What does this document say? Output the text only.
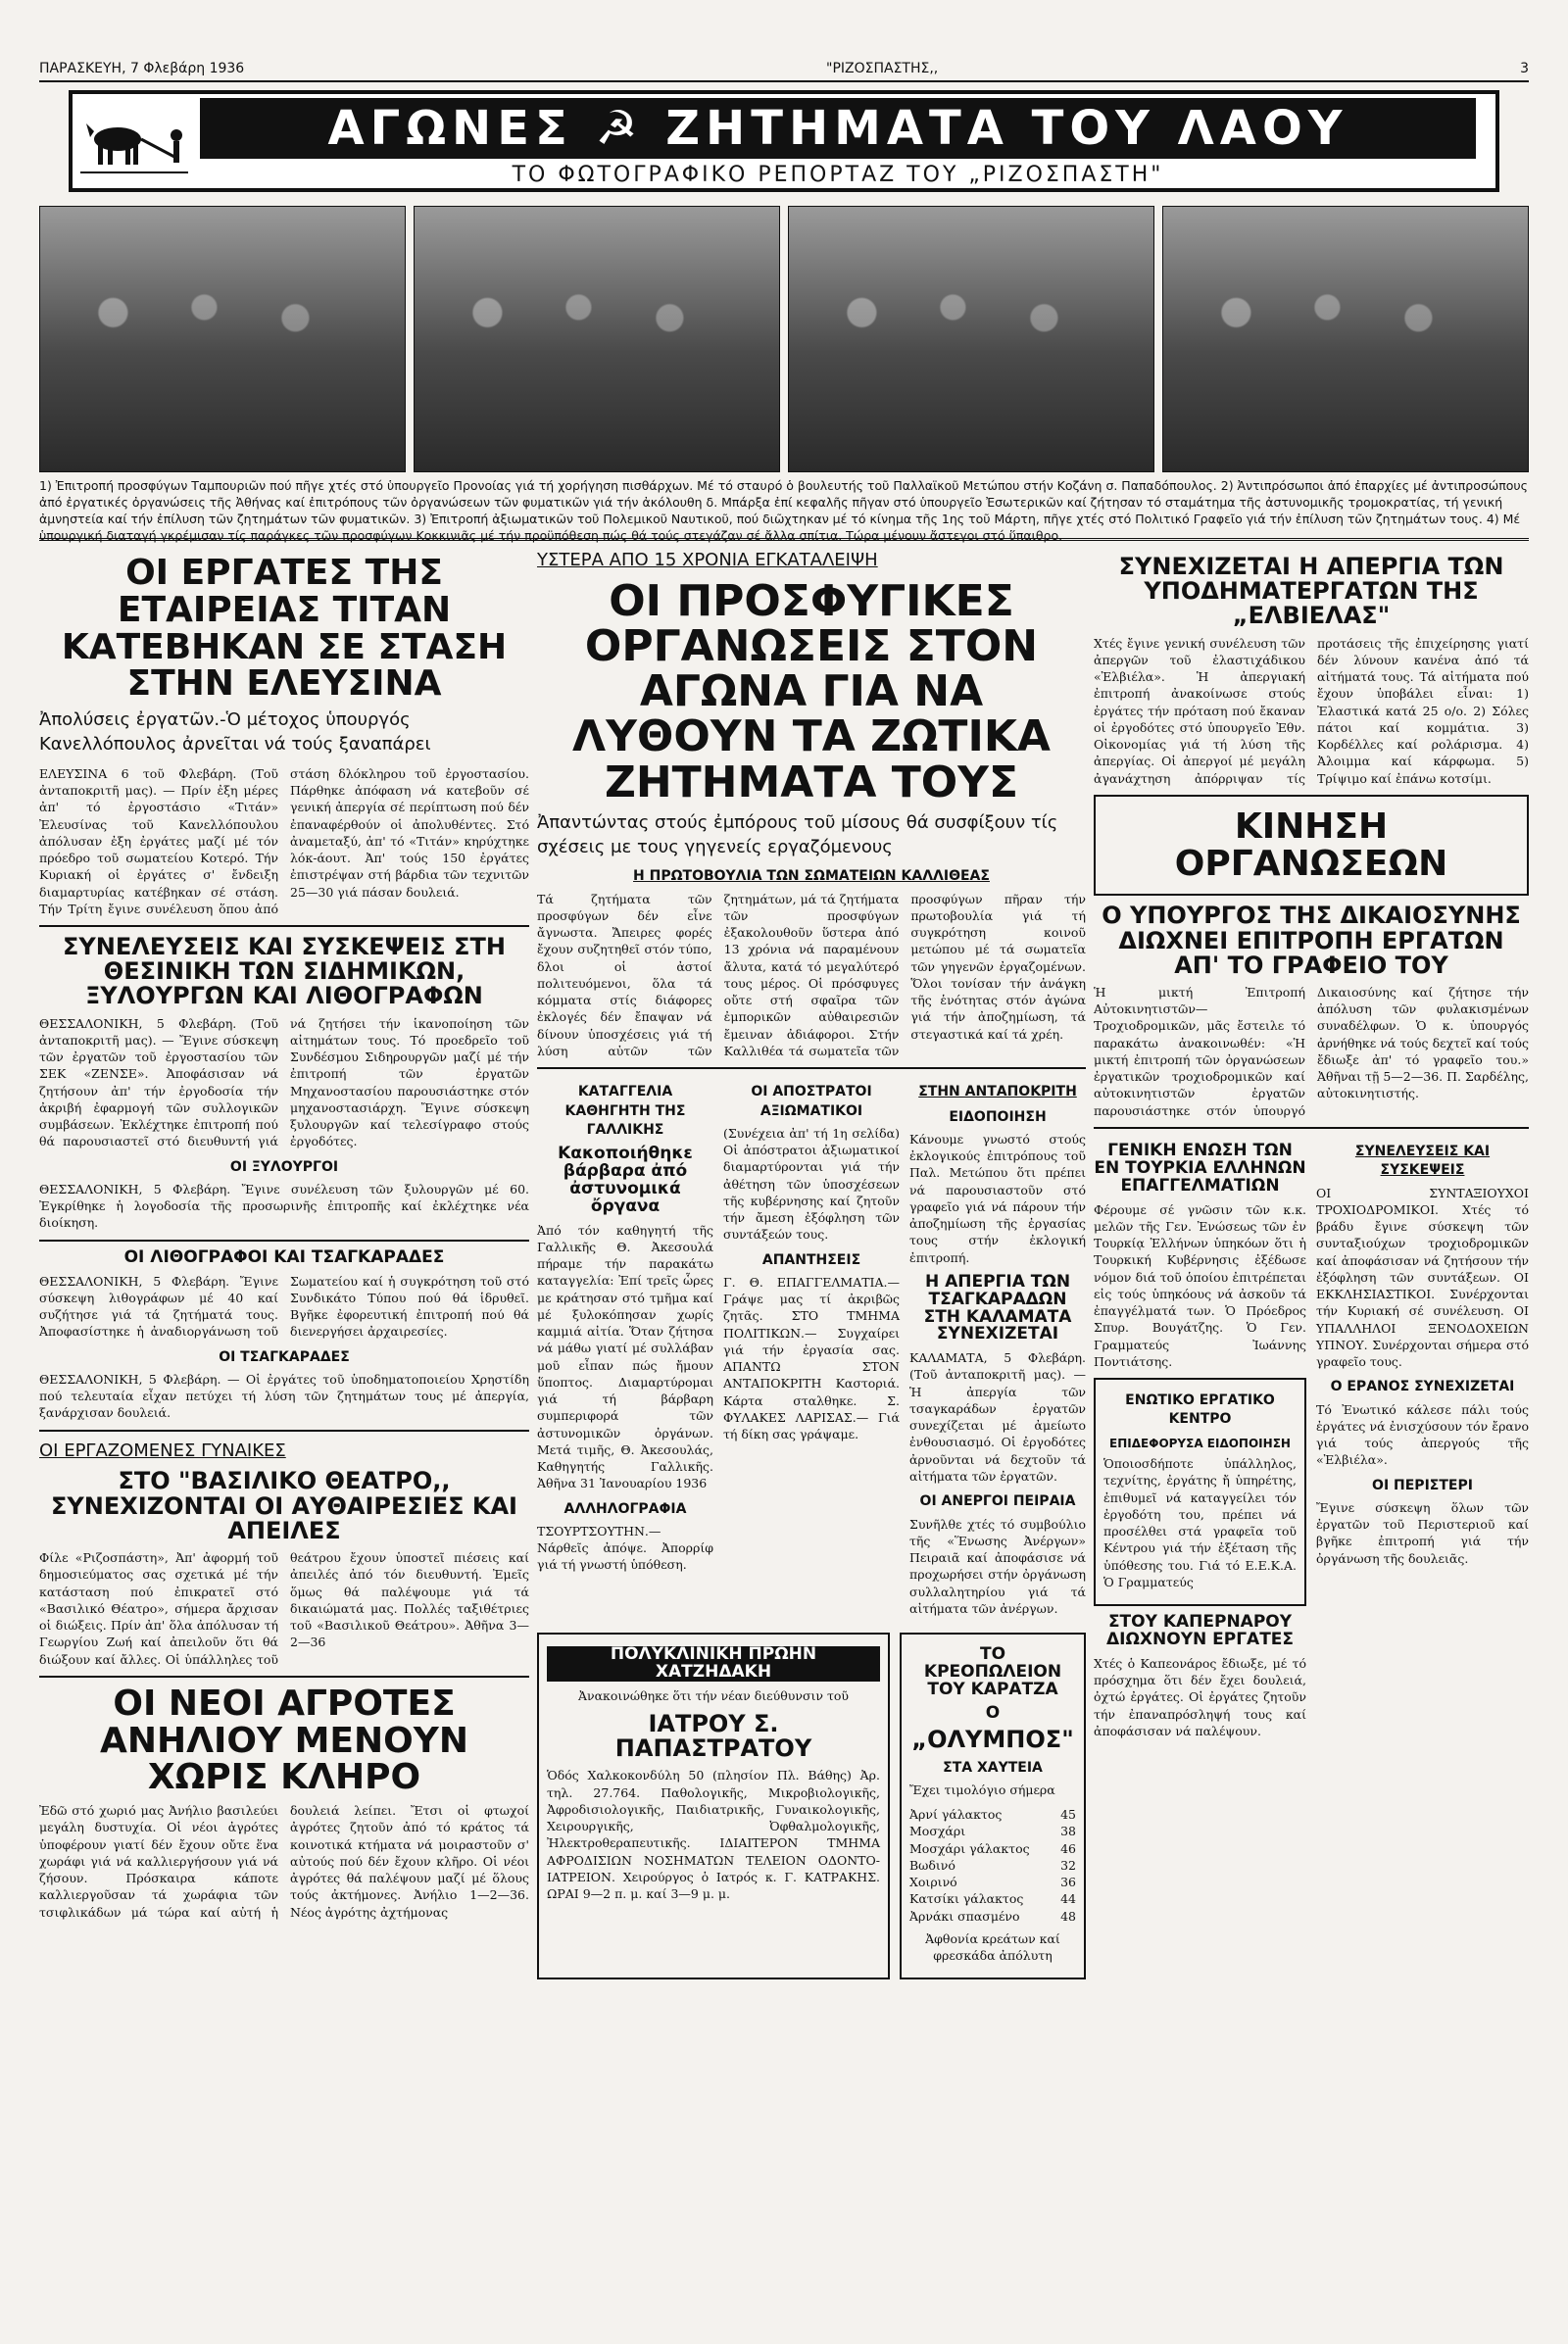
ΠΑΡΑΣΚΕΥΗ, 7 Φλεβάρη 1936	"ΡΙΖΟΣΠΑΣΤΗΣ,,	3
ΑΓΩΝΕΣ ☭ ΖΗΤΗΜΑΤΑ ΤΟΥ ΛΑΟΥ
ΤΟ ΦΩΤΟΓΡΑΦΙΚΟ ΡΕΠΟΡΤΑΖ ΤΟΥ „ΡΙΖΟΣΠΑΣΤΗ"
1) Ἐπιτροπή προσφύγων Ταμπουριῶν πού πῆγε χτές στό ὑπουργεῖο Προνοίας γιά τή χορήγηση πισθάρχων. Μέ τό σταυρό ὁ βουλευτής τοῦ Παλλαϊκοῦ Μετώπου στήν Κοζάνη σ. Παπαδόπουλος. 2) Ἀντιπρόσωποι ἀπό ἐπαρχίες μέ ἀντιπροσώπους ἀπό ἐργατικές ὀργανώσεις τῆς Ἀθήνας καί ἐπιτρόπους τῶν ὀργανώσεων τῶν φυματικῶν γιά τήν ἀκόλουθη δ. Μπάρξα ἐπί κεφαλῆς πῆγαν στό ὑπουργεῖο Ἐσωτερικῶν καί ζήτησαν τό σταμάτημα τῆς ἀστυνομικῆς τρομοκρατίας, τή γενική ἀμνηστεία καί τήν ἐπίλυση τῶν ζητημάτων τῶν φυματικῶν. 3) Ἐπιτροπή ἀξιωματικῶν τοῦ Πολεμικοῦ Ναυτικοῦ, πού διῶχτηκαν μέ τό κίνημα τῆς 1ης τοῦ Μάρτη, πῆγε χτές στό Πολιτικό Γραφεῖο γιά τήν ἐπίλυση τῶν ζητημάτων τους. 4) Μέ ὑπουργική διαταγή γκρέμισαν τίς παράγκες τῶν προσφύγων Κοκκινιᾶς μέ τήν προϋπόθεση πώς θά τούς στεγάζαν σέ ἄλλα σπίτια. Τώρα μένουν ἄστεγοι στό ὕπαιθρο.
ΟΙ ΕΡΓΑΤΕΣ ΤΗΣ ΕΤΑΙΡΕΙΑΣ ΤΙΤΑΝ ΚΑΤΕΒΗΚΑΝ ΣΕ ΣΤΑΣΗ ΣΤΗΝ ΕΛΕΥΣΙΝΑ
Ἀπολύσεις ἐργατῶν.-Ὁ μέτοχος ὑπουργός Κανελλόπουλος ἀρνεῖται νά τούς ξαναπάρει
ΕΛΕΥΣΙΝΑ 6 τοῦ Φλεβάρη. (Τοῦ ἀνταποκριτῆ μας). — Πρίν ἐξη μέρες ἀπ' τό ἐργοστάσιο «Τιτάν» Ἐλευσίνας τοῦ Κανελλόπουλου ἀπόλυσαν ἐξη ἐργάτες μαζί μέ τόν πρόεδρο τοῦ σωματείου Κοτερό. Τήν Κυριακή οἱ ἐργάτες σ' ἔνδειξη διαμαρτυρίας κατέβηκαν σέ στάση. Τήν Τρίτη ἔγινε συνέλευση ὅπου ἀπό στάση δλόκληρου τοῦ ἐργοστασίου. Πάρθηκε ἀπόφαση νά κατεβοῦν σέ γενική ἀπεργία σέ περίπτωση πού δέν ἐπαναφέρθούν οἱ ἀπολυθέντες. Στό ἀναμεταξύ, ἀπ' τό «Τιτάν» κηρύχτηκε λόκ-άουτ. Ἀπ' τούς 150 ἐργάτες ἐπιστρέψαν στή βάρδια τῶν τεχνιτῶν 25—30 γιά πάσαν δουλειά.
ΣΥΝΕΛΕΥΣΕΙΣ ΚΑΙ ΣΥΣΚΕΨΕΙΣ ΣΤΗ ΘΕΣΙΝΙΚΗ ΤΩΝ ΣΙΔΗΜΙΚΩΝ, ΞΥΛΟΥΡΓΩΝ ΚΑΙ ΛΙΘΟΓΡΑΦΩΝ
ΘΕΣΣΑΛΟΝΙΚΗ, 5 Φλεβάρη. (Τοῦ ἀνταποκριτῆ μας). — Ἔγινε σύσκεψη τῶν ἐργατῶν τοῦ ἐργοστασίου τῶν ΣΕΚ «ΖΕΝΣΕ». Ἀποφάσισαν νά ζητήσουν ἀπ' τήν ἐργοδοσία τήν ἀκριβή ἐφαρμογή τῶν συλλογικῶν συμβάσεων. Ἐκλέχτηκε ἐπιτροπή πού θά παρουσιαστεῖ στό διευθυντή γιά νά ζητήσει τήν ἱκανοποίηση τῶν αἰτημάτων τους. Τό προεδρεῖο τοῦ Συνδέσμου Σιδηρουργῶν μαζί μέ τήν ἐπιτροπή τῶν ἐργατῶν Μηχανοστασίου παρουσιάστηκε στόν μηχανοστασιάρχη. Ἔγινε σύσκεψη ξυλουργῶν καί τελεσίγραφο στούς ἐργοδότες.
ΟΙ ΞΥΛΟΥΡΓΟΙ
ΘΕΣΣΑΛΟΝΙΚΗ, 5 Φλεβάρη. Ἔγινε συνέλευση τῶν ξυλουργῶν μέ 60. Ἐγκρίθηκε ἡ λογοδοσία τῆς προσωρινῆς ἐπιτροπῆς καί ἐκλέχτηκε νέα διοίκηση.
ΟΙ ΛΙΘΟΓΡΑΦΟΙ ΚΑΙ ΤΣΑΓΚΑΡΑΔΕΣ
ΘΕΣΣΑΛΟΝΙΚΗ, 5 Φλεβάρη. Ἔγινε σύσκεψη λιθογράφων μέ 40 καί συζήτησε γιά τά ζητήματά τους. Ἀποφασίστηκε ἡ ἀναδιοργάνωση τοῦ Σωματείου καί ἡ συγκρότηση τοῦ στό Συνδικάτο Τύπου πού θά ἱδρυθεῖ. Βγῆκε ἐφορευτική ἐπιτροπή πού θά διενεργήσει ἀρχαιρεσίες.
ΟΙ ΤΣΑΓΚΑΡΑΔΕΣ
ΘΕΣΣΑΛΟΝΙΚΗ, 5 Φλεβάρη. — Οἱ ἐργάτες τοῦ ὑποδηματοποιείου Χρηστίδη πού τελευταία εἶχαν πετύχει τή λύση τῶν ζητημάτων τους μέ ἀπεργία, ξανάρχισαν δουλειά.
ΟΙ ΕΡΓΑΖΟΜΕΝΕΣ ΓΥΝΑΙΚΕΣ
ΣΤΟ "ΒΑΣΙΛΙΚΟ ΘΕΑΤΡΟ,, ΣΥΝΕΧΙΖΟΝΤΑΙ ΟΙ ΑΥΘΑΙΡΕΣΙΕΣ ΚΑΙ ΑΠΕΙΛΕΣ
Φίλε «Ριζοσπάστη», Ἀπ' ἀφορμή τοῦ δημοσιεύματος σας σχετικά μέ τήν κατάσταση πού ἐπικρατεῖ στό «Βασιλικό Θέατρο», σήμερα ἄρχισαν οἱ διώξεις. Πρίν ἀπ' ὅλα ἀπόλυσαν τή Γεωργίου Ζωή καί ἀπειλοῦν ὅτι θά διώξουν καί ἄλλες. Οἱ ὑπάλληλες τοῦ θεάτρου ἔχουν ὑποστεῖ πιέσεις καί ἀπειλές ἀπό τόν διευθυντή. Ἐμεῖς ὅμως θά παλέψουμε γιά τά δικαιώματά μας. Πολλές ταξιθέτριες τοῦ «Βασιλικοῦ Θεάτρου». Ἀθῆνα 3—2—36
ΟΙ ΝΕΟΙ ΑΓΡΟΤΕΣ ΑΝΗΛΙΟΥ ΜΕΝΟΥΝ ΧΩΡΙΣ ΚΛΗΡΟ
Ἐδῶ στό χωριό μας Ἀνήλιο βασιλεύει μεγάλη δυστυχία. Οἱ νέοι ἀγρότες ὑποφέρουν γιατί δέν ἔχουν οὔτε ἕνα χωράφι γιά νά καλλιεργήσουν γιά νά ζήσουν. Πρόσκαιρα κάποτε καλλιεργοῦσαν τά χωράφια τῶν τσιφλικάδων μά τώρα καί αὐτή ἡ δουλειά λείπει. Ἔτσι οἱ φτωχοί ἀγρότες ζητοῦν ἀπό τό κράτος τά κοινοτικά κτήματα νά μοιραστοῦν σ' αὐτούς πού δέν ἔχουν κλῆρο. Οἱ νέοι ἀγρότες θά παλέψουν μαζί μέ ὅλους τούς ἀκτήμονες. Ἀνήλιο 1—2—36. Νέος ἀγρότης ἀχτήμονας
ΥΣΤΕΡΑ ΑΠΟ 15 ΧΡΟΝΙΑ ΕΓΚΑΤΑΛΕΙΨΗ
ΟΙ ΠΡΟΣΦΥΓΙΚΕΣ ΟΡΓΑΝΩΣΕΙΣ ΣΤΟΝ ΑΓΩΝΑ ΓΙΑ ΝΑ ΛΥΘΟΥΝ ΤΑ ΖΩΤΙΚΑ ΖΗΤΗΜΑΤΑ ΤΟΥΣ
Ἀπαντώντας στούς ἐμπόρους τοῦ μίσους θά συσφίξουν τίς σχέσεις με τους γηγενείς εργαζόμενους
Η ΠΡΩΤΟΒΟΥΛΙΑ ΤΩΝ ΣΩΜΑΤΕΙΩΝ ΚΑΛΛΙΘΕΑΣ
Τά ζητήματα τῶν προσφύγων δέν εἶνε ἄγνωστα. Ἄπειρες φορές ἔχουν συζητηθεῖ στόν τύπο, δλοι οἱ ἀστοί πολιτευόμενοι, ὅλα τά κόμματα στίς διάφορες ἐκλογές δέν ἔπαψαν νά δίνουν ὑποσχέσεις γιά τή λύση αὐτῶν τῶν ζητημάτων, μά τά ζητήματα τῶν προσφύγων ἐξακολουθοῦν ὕστερα ἀπό 13 χρόνια νά παραμένουν ἄλυτα, κατά τό μεγαλύτερό τους μέρος. Οἱ πρόσφυγες οὔτε στή σφαῖρα τῶν ἐμπορικῶν αὐθαιρεσιῶν ἔμειναν ἀδιάφοροι. Στήν Καλλιθέα τά σωματεῖα τῶν προσφύγων πῆραν τήν πρωτοβουλία γιά τή συγκρότηση κοινοῦ μετώπου μέ τά σωματεῖα τῶν γηγενῶν ἐργαζομένων. Ὅλοι τονίσαν τήν ἀνάγκη τῆς ἑνότητας στόν ἀγώνα γιά τήν ἀποζημίωση, τά στεγαστικά καί τά χρέη.
ΚΑΤΑΓΓΕΛΙΑ ΚΑΘΗΓΗΤΗ ΤΗΣ ΓΑΛΛΙΚΗΣ
Κακοποιήθηκε βάρβαρα ἀπό ἀστυνομικά ὄργανα
Ἀπό τόν καθηγητή τῆς Γαλλικῆς Θ. Ἀκεσουλά πήραμε τήν παρακάτω καταγγελία: Ἐπί τρεῖς ὧρες με κράτησαν στό τμῆμα καί μέ ξυλοκόπησαν χωρίς καμμιά αἰτία. Ὅταν ζήτησα νά μάθω γιατί μέ συλλάβαν μοῦ εἶπαν πώς ἤμουν ὕποπτος. Διαμαρτύρομαι γιά τή βάρβαρη συμπεριφορά τῶν ἀστυνομικῶν ὀργάνων. Μετά τιμῆς, Θ. Ἀκεσουλάς, Καθηγητής Γαλλικῆς. Ἀθῆνα 31 Ἰανουαρίου 1936
ΑΛΛΗΛΟΓΡΑΦΙΑ
ΤΣΟΥΡΤΣΟΥΤΗΝ.— Νάρθεῖς ἀπόψε. Ἀπορρίφ γιά τή γνωστή ὑπόθεση.
ΟΙ ΑΠΟΣΤΡΑΤΟΙ ΑΞΙΩΜΑΤΙΚΟΙ
(Συνέχεια ἀπ' τή 1η σελίδα) Οἱ ἀπόστρατοι ἀξιωματικοί διαμαρτύρονται γιά τήν ἀθέτηση τῶν ὑποσχέσεων τῆς κυβέρνησης καί ζητοῦν τήν ἄμεση ἐξόφληση τῶν συντάξεών τους.
ΑΠΑΝΤΗΣΕΙΣ
Γ. Θ. ΕΠΑΓΓΕΛΜΑΤΙΑ.— Γράψε μας τί ἀκριβῶς ζητᾶς. ΣΤΟ ΤΜΗΜΑ ΠΟΛΙΤΙΚΩΝ.— Συγχαίρει γιά τήν ἐργασία σας. ΑΠΑΝΤΩ ΣΤΟΝ ΑΝΤΑΠΟΚΡΙΤΗ Καστοριά. Κάρτα σταλθηκε. Σ. ΦΥΛΑΚΕΣ ΛΑΡΙΣΑΣ.— Γιά τή δίκη σας γράψαμε.
ΣΤΗΝ ΑΝΤΑΠΟΚΡΙΤΗ
ΕΙΔΟΠΟΙΗΣΗ
Κάνουμε γνωστό στούς ἐκλογικούς ἐπιτρόπους τοῦ Παλ. Μετώπου ὅτι πρέπει νά παρουσιαστοῦν στό γραφεῖο γιά νά πάρουν τήν ἀποζημίωση τῆς ἐργασίας τους στήν ἐκλογική ἐπιτροπή.
Η ΑΠΕΡΓΙΑ ΤΩΝ ΤΣΑΓΚΑΡΑΔΩΝ ΣΤΗ ΚΑΛΑΜΑΤΑ ΣΥΝΕΧΙΖΕΤΑΙ
ΚΑΛΑΜΑΤΑ, 5 Φλεβάρη. (Τοῦ ἀνταποκριτῆ μας). — Ἡ ἀπεργία τῶν τσαγκαράδων ἐργατῶν συνεχίζεται μέ ἀμείωτο ἐνθουσιασμό. Οἱ ἐργοδότες ἀρνοῦνται νά δεχτοῦν τά αἰτήματα τῶν ἐργατῶν.
ΟΙ ΑΝΕΡΓΟΙ ΠΕΙΡΑΙΑ
Συνῆλθε χτές τό συμβούλιο τῆς «Ἕνωσης Ἀνέργων» Πειραιᾶ καί ἀποφάσισε νά προχωρήσει στήν ὀργάνωση συλλαλητηρίου γιά τά αἰτήματα τῶν ἀνέργων.
ΠΟΛΥΚΛΙΝΙΚΗ ΠΡΩΗΝ ΧΑΤΖΗΔΑΚΗ
Ἀνακοινώθηκε ὅτι τήν νέαν διεύθυνσιν τοῦ
ΙΑΤΡΟΥ Σ. ΠΑΠΑΣΤΡΑΤΟΥ
Ὁδός Χαλκοκονδύλη 50 (πλησίον Πλ. Βάθης) Ἀρ. τηλ. 27.764. Παθολογικῆς, Μικροβιολογικῆς, Ἀφροδισιολογικῆς, Παιδιατρικῆς, Γυναικολογικῆς, Χειρουργικῆς, Ὀφθαλμολογικῆς, Ἠλεκτροθεραπευτικῆς. ΙΔΙΑΙΤΕΡΟΝ ΤΜΗΜΑ ΑΦΡΟΔΙΣΙΩΝ ΝΟΣΗΜΑΤΩΝ ΤΕΛΕΙΟΝ ΟΔΟΝΤΟ-ΙΑΤΡΕΙΟΝ. Χειρούργος ὁ Ιατρός κ. Γ. ΚΑΤΡΑΚΗΣ. ΩΡΑΙ 9—2 π. μ. καί 3—9 μ. μ.
ΤΟ ΚΡΕΟΠΩΛΕΙΟΝ ΤΟΥ ΚΑΡΑΤΖΑ
Ο
„ΟΛΥΜΠΟΣ"
ΣΤΑ ΧΑΥΤΕΙΑ
Ἔχει τιμολόγιο σήμερα
Ἀρνί γάλακτος	45
Μοσχάρι	38
Μοσχάρι γάλακτος	46
Βωδινό	32
Χοιρινό	36
Κατσίκι γάλακτος	44
Ἀρνάκι σπασμένο	48
Ἀφθονία κρεάτων καί φρεσκάδα ἀπόλυτη
ΣΥΝΕΧΙΖΕΤΑΙ Η ΑΠΕΡΓΙΑ ΤΩΝ ΥΠΟΔΗΜΑΤΕΡΓΑΤΩΝ ΤΗΣ „ΕΛΒΙΕΛΑΣ"
Χτές ἔγινε γενική συνέλευση τῶν ἀπεργῶν τοῦ ἐλαστιχάδικου «Ἐλβιέλα». Ἡ ἀπεργιακή ἐπιτροπή ἀνακοίνωσε στούς ἐργάτες τήν πρόταση πού ἔκαναν οἱ ἐργοδότες στό ὑπουργεῖο Ἐθν. Οἰκονομίας γιά τή λύση τῆς ἀπεργίας. Οἱ ἀπεργοί μέ μεγάλη ἀγανάχτηση ἀπόρριψαν τίς προτάσεις τῆς ἐπιχείρησης γιατί δέν λύνουν κανένα ἀπό τά αἰτήματά τους. Τά αἰτήματα πού ἔχουν ὑποβάλει εἶναι: 1) Ἐλαστικά κατά 25 ο/ο. 2) Σόλες πάτοι καί κομμάτια. 3) Κορδέλλες καί ρολάρισμα. 4) Ἀλοιμμα καί κάρφωμα. 5) Τρίψιμο καί ἐπάνω κοτσίμι.
ΚΙΝΗΣΗ ΟΡΓΑΝΩΣΕΩΝ
Ο ΥΠΟΥΡΓΟΣ ΤΗΣ ΔΙΚΑΙΟΣΥΝΗΣ ΔΙΩΧΝΕΙ ΕΠΙΤΡΟΠΗ ΕΡΓΑΤΩΝ ΑΠ' ΤΟ ΓΡΑΦΕΙΟ ΤΟΥ
Ἡ μικτή Ἐπιτροπή Αὐτοκινητιστῶν—Τροχιοδρομικῶν, μᾶς ἔστειλε τό παρακάτω ἀνακοινωθέν: «Ἡ μικτή ἐπιτροπή τῶν ὀργανώσεων ἐργατικῶν τροχιοδρομικῶν καί αὐτοκινητιστῶν ἐργατῶν παρουσιάστηκε στόν ὑπουργό Δικαιοσύνης καί ζήτησε τήν ἀπόλυση τῶν φυλακισμένων συναδέλφων. Ὁ κ. ὑπουργός ἀρνήθηκε νά τούς δεχτεῖ καί τούς ἔδιωξε ἀπ' τό γραφεῖο του.» Ἀθῆναι τῇ 5—2—36. Π. Σαρδέλης, αὐτοκινητιστής.
ΓΕΝΙΚΗ ΕΝΩΣΗ ΤΩΝ ΕΝ ΤΟΥΡΚΙΑ ΕΛΛΗΝΩΝ ΕΠΑΓΓΕΛΜΑΤΙΩΝ
Φέρουμε σέ γνῶσιν τῶν κ.κ. μελῶν τῆς Γεν. Ἐνώσεως τῶν ἐν Τουρκίᾳ Ἑλλήνων ὑπηκόων ὅτι ἡ Τουρκική Κυβέρνησις ἐξέδωσε νόμον διά τοῦ ὁποίου ἐπιτρέπεται εἰς τούς ὑπηκόους νά ἀσκοῦν τά ἐπαγγέλματά των. Ὁ Πρόεδρος Σπυρ. Βουγάτζης. Ὁ Γεν. Γραμματεύς Ἰωάννης Ποντιάτσης.
ΕΝΩΤΙΚΟ ΕΡΓΑΤΙΚΟ ΚΕΝΤΡΟ
ΕΠΙΔΕΦΟΡΥΣΑ ΕΙΔΟΠΟΙΗΣΗ
Ὁποιοσδήποτε ὑπάλληλος, τεχνίτης, ἐργάτης ἤ ὑπηρέτης, ἐπιθυμεῖ νά καταγγείλει τόν ἐργοδότη του, πρέπει νά προσέλθει στά γραφεῖα τοῦ Κέντρου γιά τήν ἐξέταση τῆς ὑπόθεσης του. Γιά τό Ε.Ε.Κ.Α. Ὁ Γραμματεύς
ΣΤΟΥ ΚΑΠΕΡΝΑΡΟΥ ΔΙΩΧΝΟΥΝ ΕΡΓΑΤΕΣ
Χτές ὁ Καπεονάρος ἔδιωξε, μέ τό πρόσχημα ὅτι δέν ἔχει δουλειά, ὀχτώ ἐργάτες. Οἱ ἐργάτες ζητοῦν τήν ἐπαναπρόσληψή τους καί ἀποφάσισαν νά παλέψουν.
ΣΥΝΕΛΕΥΣΕΙΣ ΚΑΙ ΣΥΣΚΕΨΕΙΣ
ΟΙ ΣΥΝΤΑΞΙΟΥΧΟΙ ΤΡΟΧΙΟΔΡΟΜΙΚΟΙ. Χτές τό βράδυ ἔγινε σύσκεψη τῶν συνταξιούχων τροχιοδρομικῶν καί ἀποφάσισαν νά ζητήσουν τήν ἐξόφληση τῶν συντάξεων. ΟΙ ΕΚΚΛΗΣΙΑΣΤΙΚΟΙ. Συνέρχονται τήν Κυριακή σέ συνέλευση. ΟΙ ΥΠΑΛΛΗΛΟΙ ΞΕΝΟΔΟΧΕΙΩΝ ΥΠΝΟΥ. Συνέρχονται σήμερα στό γραφεῖο τους.
Ο ΕΡΑΝΟΣ ΣΥΝΕΧΙΖΕΤΑΙ
Τό Ἐνωτικό κάλεσε πάλι τούς ἐργάτες νά ἐνισχύσουν τόν ἔρανο γιά τούς ἀπεργούς τῆς «Ἐλβιέλα».
ΟΙ ΠΕΡΙΣΤΕΡΙ
Ἔγινε σύσκεψη ὅλων τῶν ἐργατῶν τοῦ Περιστεριοῦ καί βγῆκε ἐπιτροπή γιά τήν ὀργάνωση τῆς δουλειᾶς.
